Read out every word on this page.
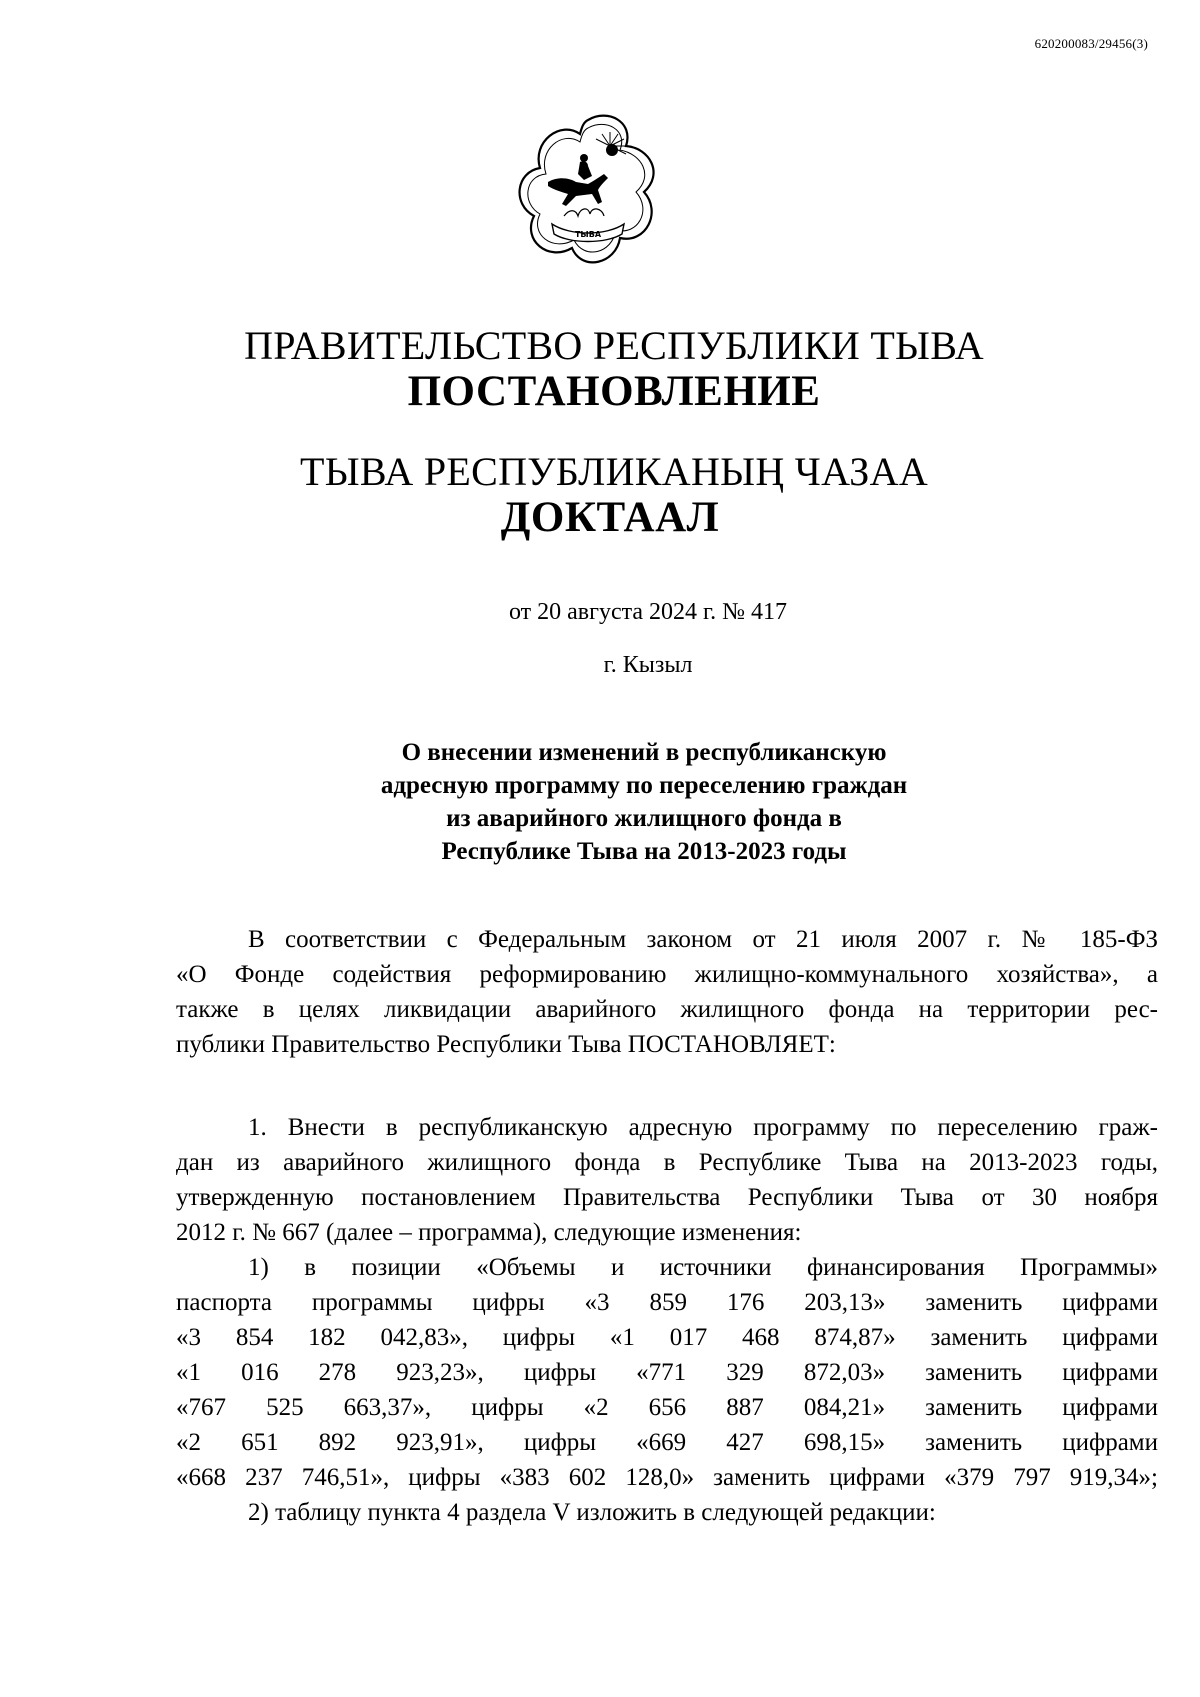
620200083/29456(3)
ТЫВА
ПРАВИТЕЛЬСТВО РЕСПУБЛИКИ ТЫВА
ПОСТАНОВЛЕНИЕ
ТЫВА РЕСПУБЛИКАНЫҢ ЧАЗАА
ДОКТААЛ
от 20 августа 2024 г. № 417
г. Кызыл
О внесении изменений в республиканскую
адресную программу по переселению граждан
из аварийного жилищного фонда в
Республике Тыва на 2013-2023 годы
В соответствии с Федеральным законом от 21 июля 2007 г. № 185-ФЗ
«О Фонде содействия реформированию жилищно-коммунального хозяйства», а
также в целях ликвидации аварийного жилищного фонда на территории рес-
публики Правительство Республики Тыва ПОСТАНОВЛЯЕТ:
1. Внести в республиканскую адресную программу по переселению граж-
дан из аварийного жилищного фонда в Республике Тыва на 2013-2023 годы,
утвержденную постановлением Правительства Республики Тыва от 30 ноября
2012 г. № 667 (далее – программа), следующие изменения:
1) в позиции «Объемы и источники финансирования Программы»
паспорта программы цифры «3 859 176 203,13» заменить цифрами
«3 854 182 042,83», цифры «1 017 468 874,87» заменить цифрами
«1 016 278 923,23», цифры «771 329 872,03» заменить цифрами
«767 525 663,37», цифры «2 656 887 084,21» заменить цифрами
«2 651 892 923,91», цифры «669 427 698,15» заменить цифрами
«668 237 746,51», цифры «383 602 128,0» заменить цифрами «379 797 919,34»;
2) таблицу пункта 4 раздела V изложить в следующей редакции:
